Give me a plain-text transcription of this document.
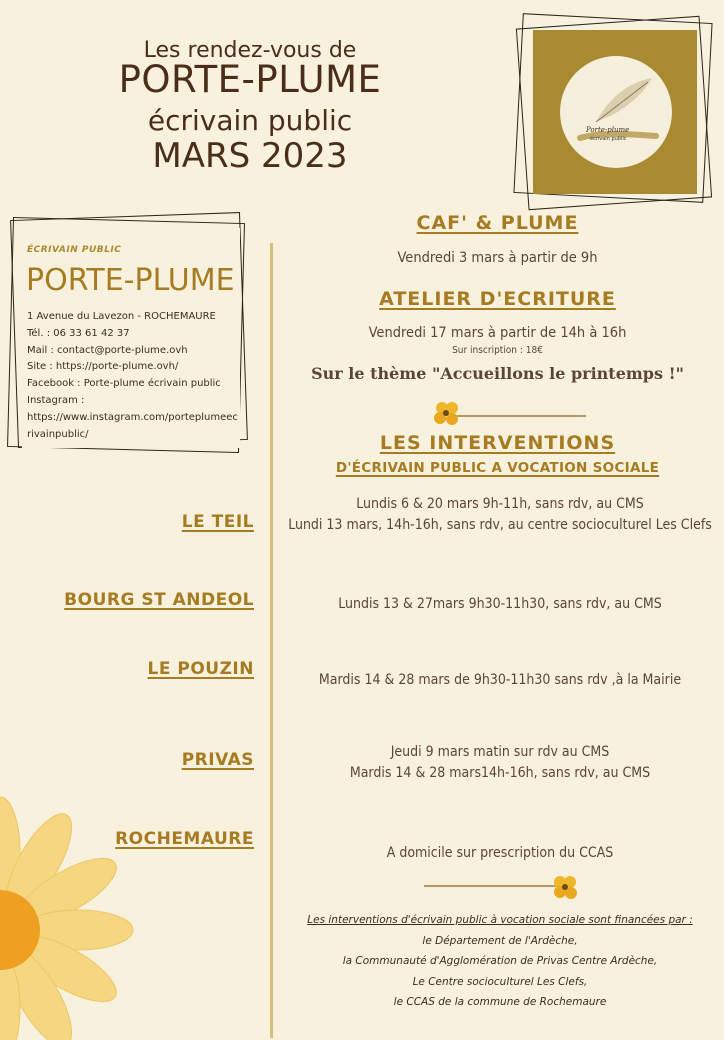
Les rendez-vous de
PORTE-PLUME
écrivain public
MARS 2023
Porte-plume
écrivain public
ÉCRIVAIN PUBLIC
PORTE-PLUME
1 Avenue du Lavezon - ROCHEMAURE
Tél. : 06 33 61 42 37
Mail : contact@porte-plume.ovh
Site : https://porte-plume.ovh/
Facebook : Porte-plume écrivain public
Instagram :
https://www.instagram.com/porteplumeecrivainpublic/
CAF' & PLUME
Vendredi 3 mars à partir de 9h
ATELIER D'ECRITURE
Vendredi 17 mars à partir de 14h à 16h
Sur inscription : 18€
Sur le thème "Accueillons le printemps !"
LES INTERVENTIONS
D'ÉCRIVAIN PUBLIC A VOCATION SOCIALE
LE TEIL
Lundis 6 & 20 mars 9h-11h, sans rdv, au CMS
Lundi 13 mars, 14h-16h, sans rdv, au centre socioculturel Les Clefs
BOURG ST ANDEOL	Lundis 13 & 27mars 9h30-11h30, sans rdv, au CMS
LE POUZIN
Mardis 14 & 28 mars de 9h30-11h30 sans rdv ,à la Mairie
PRIVAS	Jeudi 9 mars matin sur rdv au CMS
Mardis 14 & 28 mars14h-16h, sans rdv, au CMS
ROCHEMAURE
A domicile sur prescription du CCAS
Les interventions d'écrivain public à vocation sociale sont financées par :
le Département de l'Ardèche,
la Communauté d'Agglomération de Privas Centre Ardèche,
Le Centre socioculturel Les Clefs,
le CCAS de la commune de Rochemaure
